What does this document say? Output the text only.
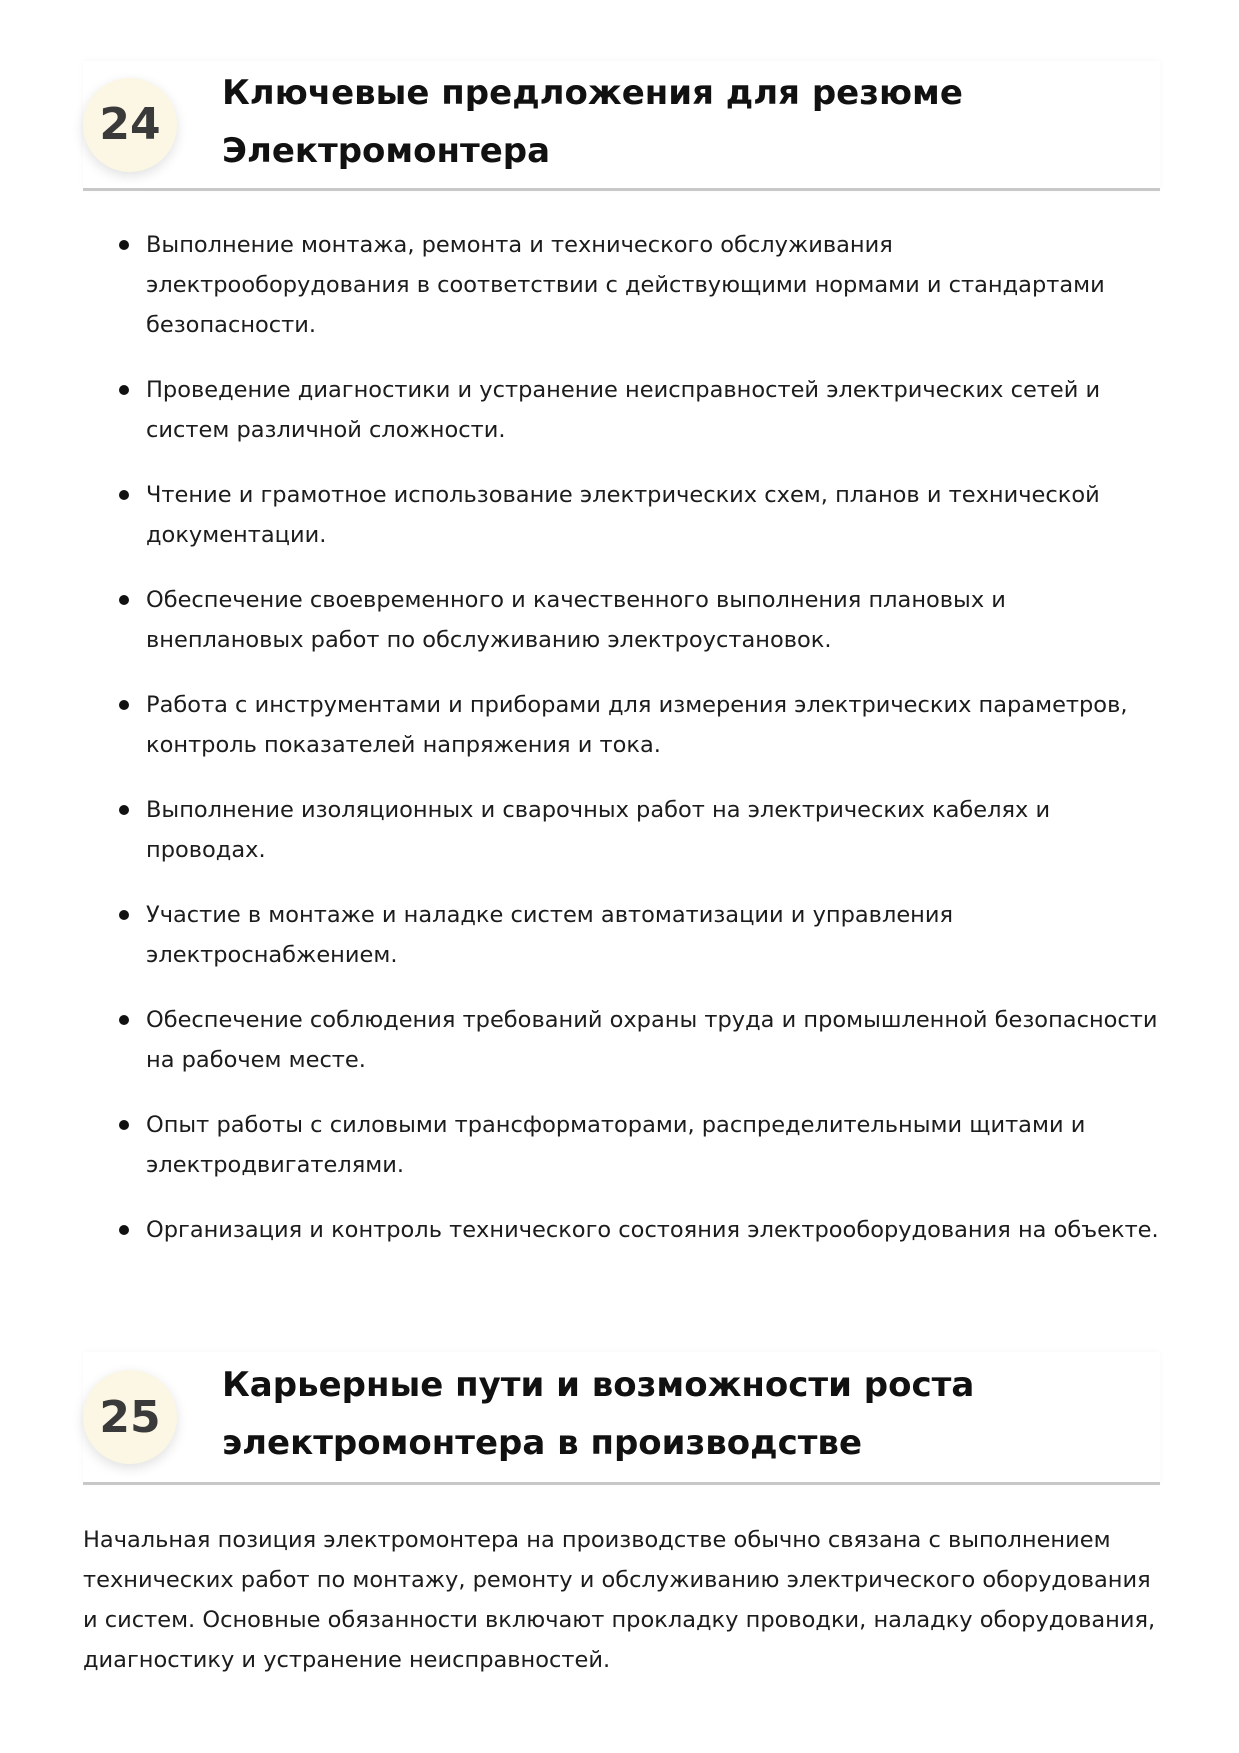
24
Ключевые предложения для резюме
Электромонтера
Выполнение монтажа, ремонта и технического обслуживания электрооборудования в соответствии с действующими нормами и стандартами безопасности.
Проведение диагностики и устранение неисправностей электрических сетей и систем различной сложности.
Чтение и грамотное использование электрических схем, планов и технической документации.
Обеспечение своевременного и качественного выполнения плановых и внеплановых работ по обслуживанию электроустановок.
Работа с инструментами и приборами для измерения электрических параметров, контроль показателей напряжения и тока.
Выполнение изоляционных и сварочных работ на электрических кабелях и проводах.
Участие в монтаже и наладке систем автоматизации и управления электроснабжением.
Обеспечение соблюдения требований охраны труда и промышленной безопасности на рабочем месте.
Опыт работы с силовыми трансформаторами, распределительными щитами и электродвигателями.
Организация и контроль технического состояния электрооборудования на объекте.
25
Карьерные пути и возможности роста
электромонтера в производстве

Начальная позиция электромонтера на производстве обычно связана с выполнением технических работ по монтажу, ремонту и обслуживанию электрического оборудования и систем. Основные обязанности включают прокладку проводки, наладку оборудования, диагностику и устранение неисправностей.
